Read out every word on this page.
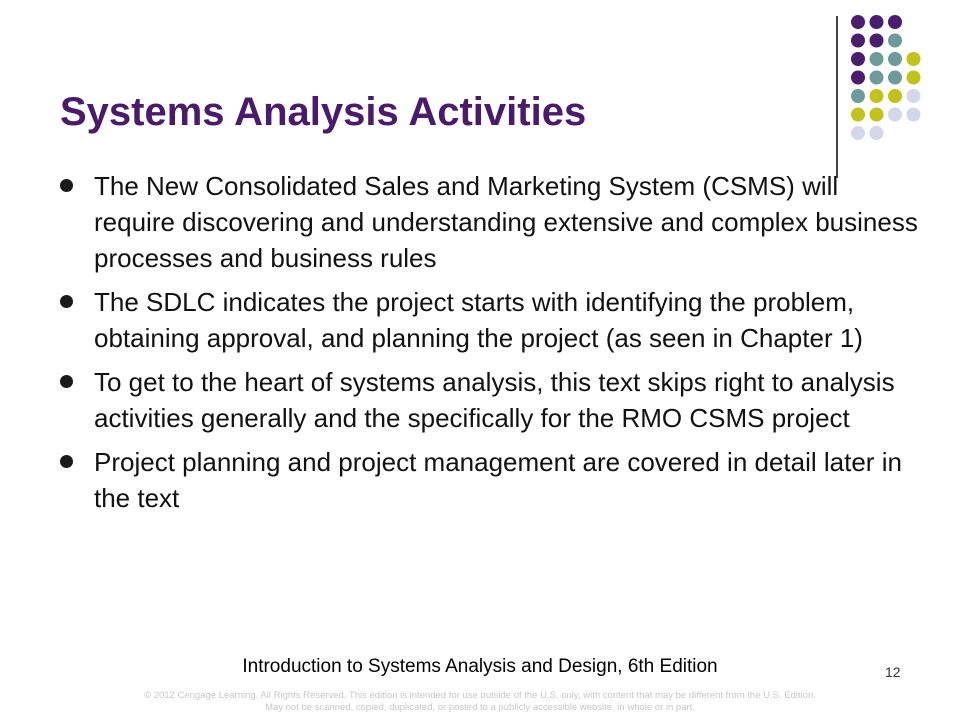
Systems Analysis Activities
The New Consolidated Sales and Marketing System (CSMS) will require discovering and understanding extensive and complex business processes and business rules
The SDLC indicates the project starts with identifying the problem, obtaining approval, and planning the project (as seen in Chapter 1)
To get to the heart of systems analysis, this text skips right to analysis activities generally and the specifically for the RMO CSMS project
Project planning and project management are covered in detail later in the text
Introduction to Systems Analysis and Design, 6th Edition	12
© 2012 Cengage Learning. All Rights Reserved. This edition is intended for use outside of the U.S. only, with content that may be different from the U.S. Edition.
May not be scanned, copied, duplicated, or posted to a publicly accessible website, in whole or in part.
